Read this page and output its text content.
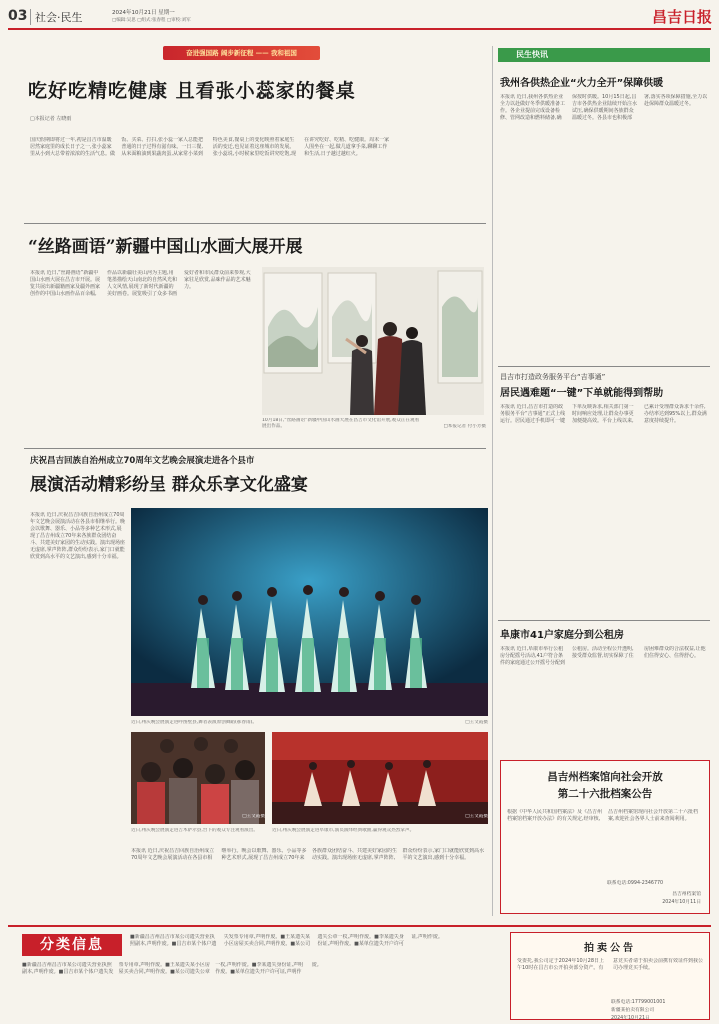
03 社会·民生	2024年10月21日 星期一
□编辑:吴思 □组式:张春程 □审校:刘军	昌吉日报
奋进强国路 阔步新征程 —— 我和祖国
吃好吃精吃健康 且看张小蕊家的餐桌
□本报记者 左晓雨
国庆假期即将过一年,初是昌吉市温暖居然家庭里的成长日子之一,张小蕊家里从小到大总带着浓浓的生活气息。做饭、买菜、打扫,张小蕊一家人总能把普通的日子过得有滋有味。一日三餐,从米面粮油到果蔬肉蛋,从家常小菜到特色美食,餐桌上的变化映照着家庭生活的变迁,也见证着这座城市的发展。张小蕊说,小时候家里吃饭讲究吃饱,现在讲究吃好、吃精、吃健康。周末一家人围坐在一起,做几道拿手菜,聊聊工作和生活,日子越过越红火。
“丝路画语”新疆中国山水画大展开展
本报讯 近日,“丝路画语”新疆中国山水画大展在昌吉市开展。展览共展出新疆籍画家及疆外画家创作的中国山水画作品百余幅,作品以新疆壮美山河为主题,用笔墨描绘天山南北的自然风光和人文风情,展现了新时代新疆的美好画卷。展览吸引了众多书画爱好者和市民群众前来参观,大家驻足欣赏,品味作品的艺术魅力。
10月18日,“丝路画语”新疆中国山水画大展在昌吉市文化馆开展,观众正在观看展出作品。	□本报记者 付小芳摄
庆祝昌吉回族自治州成立70周年文艺晚会展演走进各个县市
展演活动精彩纷呈 群众乐享文化盛宴
本报讯 近日,庆祝昌吉回族自治州成立70周年文艺晚会展演活动在各县市相继举行。晚会以歌舞、器乐、小品等多种艺术形式,展现了昌吉州成立70年来各族群众团结奋斗、共建美好家园的生动实践。演出现场座无虚席,掌声阵阵,群众纷纷表示,家门口就能欣赏到高水平的文艺演出,感到十分幸福。
近日,州庆晚会展演走进呼图壁县,舞者表演原创舞蹈(郝春雨)。	□王文霞摄
近日,州庆晚会展演走进吉木萨尔县,台下的观众专注观看演出。
□王文霞摄
近日,州庆晚会展演走进阜康市,演员演绎经典歌曲,赢得观众热烈掌声。
□王文霞摄
本报讯 近日,庆祝昌吉回族自治州成立70周年文艺晚会展演活动在各县市相继举行。晚会以歌舞、器乐、小品等多种艺术形式,展现了昌吉州成立70年来各族群众团结奋斗、共建美好家园的生动实践。演出现场座无虚席,掌声阵阵,群众纷纷表示,家门口就能欣赏到高水平的文艺演出,感到十分幸福。
民生快讯
我州各供热企业“火力全开”保障供暖
本报讯 近日,我州各供热企业全力以赴做好冬季供暖准备工作。各企业提前完成设备检修、管网改造和燃料储备,确保按时供暖。10月15日起,昌吉市各供热企业陆续开始注水试压,确保供暖期间各族群众温暖过冬。各县市也积极部署,落实各项保障措施,全力以赴保障群众温暖过冬。
昌吉市打造政务服务平台“吉事通”
居民遇难题“一键”下单就能得到帮助
本报讯 近日,昌吉市打造的政务服务平台“吉事通”正式上线运行。居民通过手机即可一键下单反映诉求,相关部门第一时间响应处理,让群众办事更加便捷高效。平台上线以来,已累计受理群众诉求千余件,办结率达到95%以上,群众满意度持续提升。
阜康市41户家庭分到公租房
本报讯 近日,阜康市举行公租房分配摇号活动,41户符合条件的家庭通过公开摇号分配到公租房。活动全程公开透明,接受群众监督,切实保障了住房困难群众的合法权益,让他们住得安心、住得舒心。
昌吉州档案馆向社会开放
第二十六批档案公告
根据《中华人民共和国档案法》及《昌吉州档案馆档案开放办法》的有关规定,经审核,昌吉州档案馆现向社会开放第二十六批档案,欢迎社会各界人士前来查阅利用。
联系电话:0994-2346770
昌吉州档案馆
2024年10月11日
分类信息
■新疆昌吉州昌吉市某公司遗失营业执照副本,声明作废。■昌吉市某个体户遗失发票专用章,声明作废。■王某遗失某小区房屋买卖合同,声明作废。■某公司遗失公章一枚,声明作废。■李某遗失身份证,声明作废。■某单位遗失开户许可证,声明作废。
■新疆昌吉州昌吉市某公司遗失营业执照副本,声明作废。■昌吉市某个体户遗失发票专用章,声明作废。■王某遗失某小区房屋买卖合同,声明作废。■某公司遗失公章一枚,声明作废。■李某遗失身份证,声明作废。■某单位遗失开户许可证,声明作废。
拍卖公告
受委托,我公司定于2024年10月28日上午10时在昌吉市公开拍卖部分资产。有意竞买者请于拍卖会前携有效证件到我公司办理竞买手续。
联系电话:17799001001
新疆某拍卖有限公司
2024年10月21日
